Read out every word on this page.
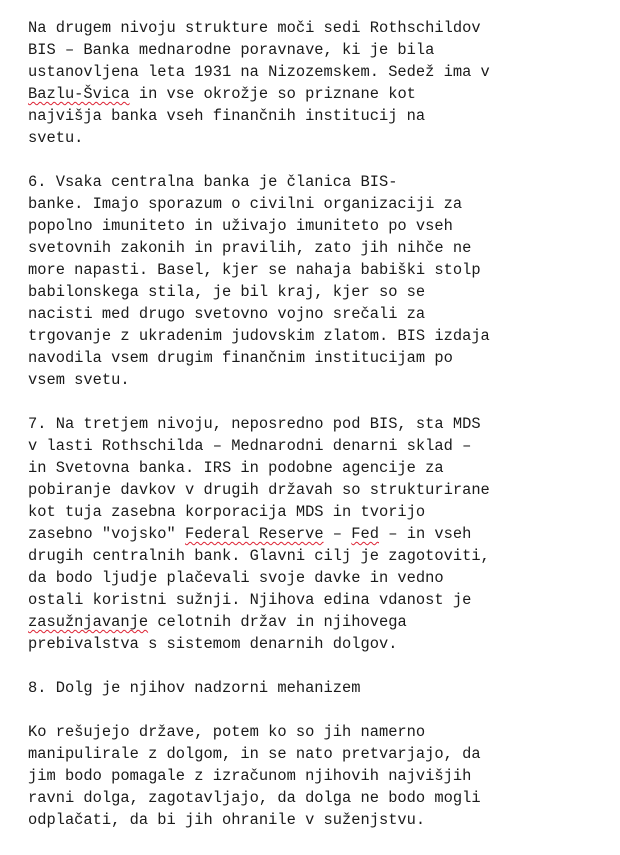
Na drugem nivoju strukture moči sedi Rothschildov
BIS – Banka mednarodne poravnave, ki je bila
ustanovljena leta 1931 na Nizozemskem. Sedež ima v
Bazlu-Švica in vse okrožje so priznane kot
najvišja banka vseh finančnih institucij na
svetu.
6. Vsaka centralna banka je članica BIS-
banke. Imajo sporazum o civilni organizaciji za
popolno imuniteto in uživajo imuniteto po vseh
svetovnih zakonih in pravilih, zato jih nihče ne
more napasti. Basel, kjer se nahaja babiški stolp
babilonskega stila, je bil kraj, kjer so se
nacisti med drugo svetovno vojno srečali za
trgovanje z ukradenim judovskim zlatom. BIS izdaja
navodila vsem drugim finančnim institucijam po
vsem svetu.
7. Na tretjem nivoju, neposredno pod BIS, sta MDS
v lasti Rothschilda – Mednarodni denarni sklad –
in Svetovna banka. IRS in podobne agencije za
pobiranje davkov v drugih državah so strukturirane
kot tuja zasebna korporacija MDS in tvorijo
zasebno "vojsko" Federal Reserve – Fed – in vseh
drugih centralnih bank. Glavni cilj je zagotoviti,
da bodo ljudje plačevali svoje davke in vedno
ostali koristni sužnji. Njihova edina vdanost je
zasužnjavanje celotnih držav in njihovega
prebivalstva s sistemom denarnih dolgov.
8. Dolg je njihov nadzorni mehanizem
Ko rešujejo države, potem ko so jih namerno
manipulirale z dolgom, in se nato pretvarjajo, da
jim bodo pomagale z izračunom njihovih najvišjih
ravni dolga, zagotavljajo, da dolga ne bodo mogli
odplačati, da bi jih ohranile v suženjstvu.
